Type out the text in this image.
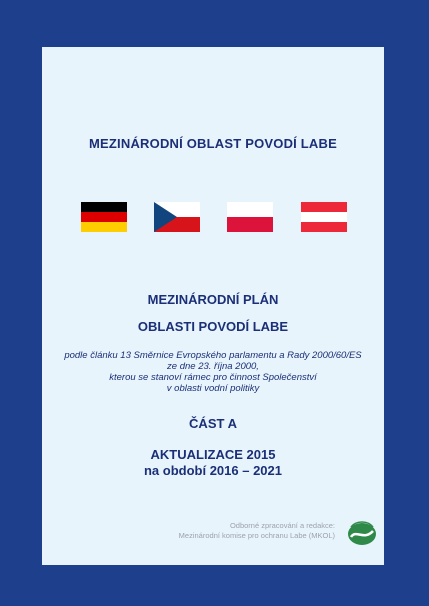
MEZINÁRODNÍ OBLAST POVODÍ LABE
MEZINÁRODNÍ PLÁN
OBLASTI POVODÍ LABE
podle článku 13 Směrnice Evropského parlamentu a Rady 2000/60/ES
ze dne 23. října 2000,
kterou se stanoví rámec pro činnost Společenství
v oblasti vodní politiky
ČÁST A
AKTUALIZACE 2015
na období 2016 – 2021
Odborné zpracování a redakce:
Mezinárodní komise pro ochranu Labe (MKOL)
